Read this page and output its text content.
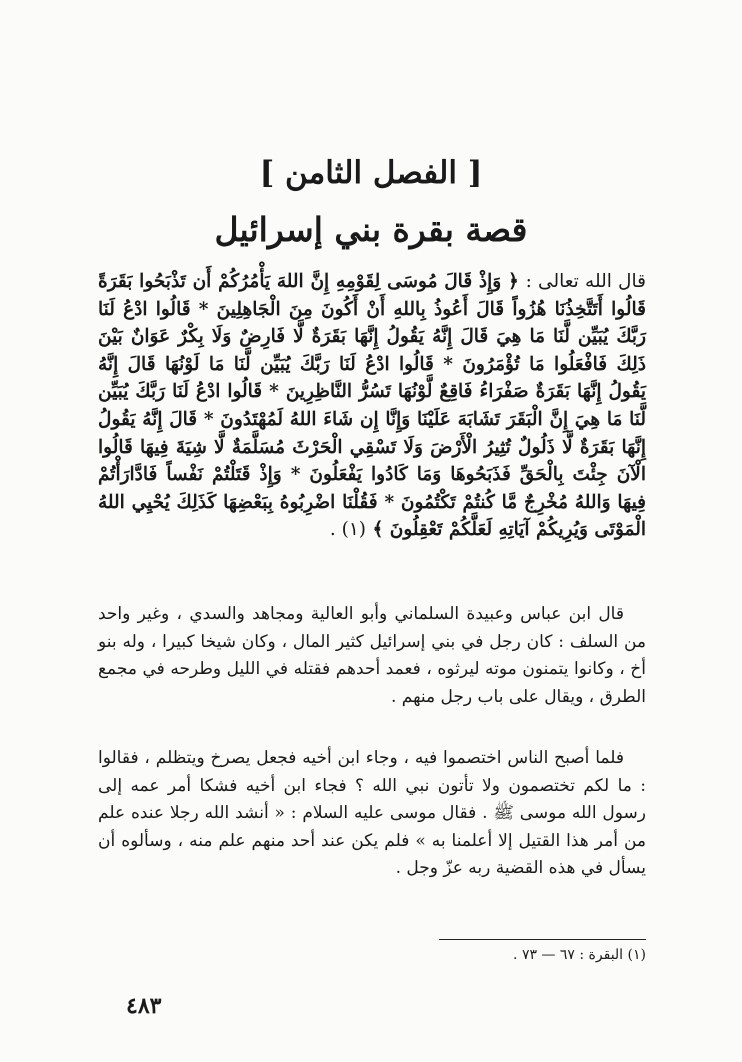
[ الفصل الثامن ]
قصة بقرة بني إسرائيل
قال الله تعالى : ﴿ وَإِذْ قَالَ مُوسَى لِقَوْمِهِ إِنَّ اللهَ يَأْمُرُكُمْ أَن تَذْبَحُوا بَقَرَةً قَالُوا أَتَتَّخِذُنَا هُزُواً قَالَ أَعُوذُ بِاللهِ أَنْ أَكُونَ مِنَ الْجَاهِلِينَ * قَالُوا ادْعُ لَنَا رَبَّكَ يُبَيِّن لَّنَا مَا هِيَ قَالَ إِنَّهُ يَقُولُ إِنَّهَا بَقَرَةٌ لَّا فَارِضٌ وَلَا بِكْرٌ عَوَانٌ بَيْنَ ذَلِكَ فَافْعَلُوا مَا تُؤْمَرُونَ * قَالُوا ادْعُ لَنَا رَبَّكَ يُبَيِّن لَّنَا مَا لَوْنُهَا قَالَ إِنَّهُ يَقُولُ إِنَّهَا بَقَرَةٌ صَفْرَاءُ فَاقِعٌ لَّوْنُهَا تَسُرُّ النَّاظِرِينَ * قَالُوا ادْعُ لَنَا رَبَّكَ يُبَيِّن لَّنَا مَا هِيَ إِنَّ الْبَقَرَ تَشَابَهَ عَلَيْنَا وَإِنَّا إِن شَاءَ اللهُ لَمُهْتَدُونَ * قَالَ إِنَّهُ يَقُولُ إِنَّهَا بَقَرَةٌ لَّا ذَلُولٌ تُثِيرُ الْأَرْضَ وَلَا تَسْقِي الْحَرْثَ مُسَلَّمَةٌ لَّا شِيَةَ فِيهَا قَالُوا الْآنَ جِئْتَ بِالْحَقِّ فَذَبَحُوهَا وَمَا كَادُوا يَفْعَلُونَ * وَإِذْ قَتَلْتُمْ نَفْساً فَادَّارَأْتُمْ فِيهَا وَاللهُ مُخْرِجٌ مَّا كُنتُمْ تَكْتُمُونَ * فَقُلْنَا اضْرِبُوهُ بِبَعْضِهَا كَذَلِكَ يُحْيِي اللهُ الْمَوْتَى وَيُرِيكُمْ آيَاتِهِ لَعَلَّكُمْ تَعْقِلُونَ ﴾ (١) .

قال ابن عباس وعبيدة السلماني وأبو العالية ومجاهد والسدي ، وغير واحد من السلف : كان رجل في بني إسرائيل كثير المال ، وكان شيخا كبيرا ، وله بنو أخ ، وكانوا يتمنون موته ليرثوه ، فعمد أحدهم فقتله في الليل وطرحه في مجمع الطرق ، ويقال على باب رجل منهم .

فلما أصبح الناس اختصموا فيه ، وجاء ابن أخيه فجعل يصرخ ويتظلم ، فقالوا : ما لكم تختصمون ولا تأتون نبي الله ؟ فجاء ابن أخيه فشكا أمر عمه إلى رسول الله موسى ﷺ . فقال موسى عليه السلام : « أنشد الله رجلا عنده علم من أمر هذا القتيل إلا أعلمنا به » فلم يكن عند أحد منهم علم منه ، وسألوه أن يسأل في هذه القضية ربه عزّ وجل .

(١) البقرة : ٦٧ — ٧٣ .
٤٨٣
